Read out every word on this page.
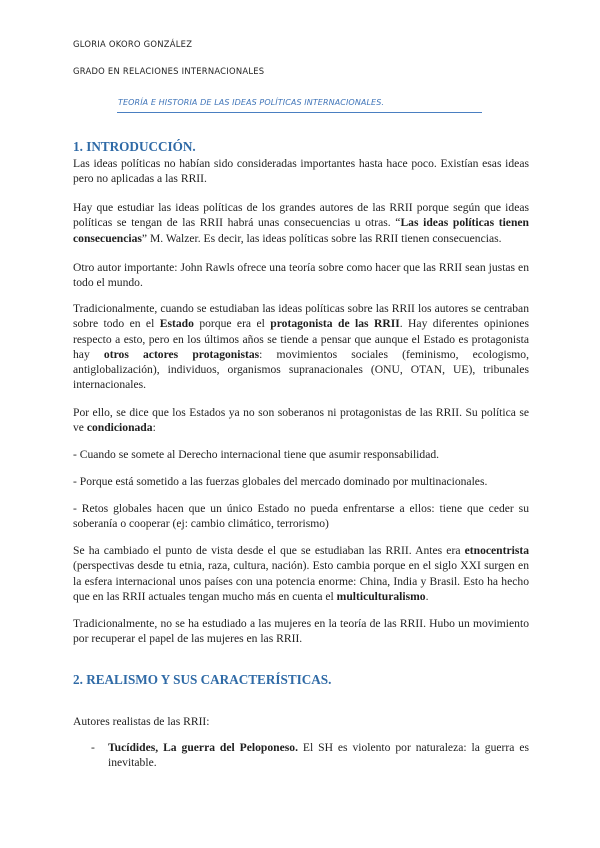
GLORIA OKORO GONZÁLEZ
GRADO EN RELACIONES INTERNACIONALES
TEORÍA E HISTORIA DE LAS IDEAS POLÍTICAS INTERNACIONALES.
1. INTRODUCCIÓN.

Las ideas políticas no habían sido consideradas importantes hasta hace poco. Existían esas ideas pero no aplicadas a las RRII.

Hay que estudiar las ideas políticas de los grandes autores de las RRII porque según que ideas políticas se tengan de las RRII habrá unas consecuencias u otras. “Las ideas políticas tienen consecuencias” M. Walzer. Es decir, las ideas políticas sobre las RRII tienen consecuencias.

Otro autor importante: John Rawls ofrece una teoría sobre como hacer que las RRII sean justas en todo el mundo.

Tradicionalmente, cuando se estudiaban las ideas políticas sobre las RRII los autores se centraban sobre todo en el Estado porque era el protagonista de las RRII. Hay diferentes opiniones respecto a esto, pero en los últimos años se tiende a pensar que aunque el Estado es protagonista hay otros actores protagonistas: movimientos sociales (feminismo, ecologismo, antiglobalización), individuos, organismos supranacionales (ONU, OTAN, UE), tribunales internacionales.

Por ello, se dice que los Estados ya no son soberanos ni protagonistas de las RRII. Su política se ve condicionada:

- Cuando se somete al Derecho internacional tiene que asumir responsabilidad.

- Porque está sometido a las fuerzas globales del mercado dominado por multinacionales.

- Retos globales hacen que un único Estado no pueda enfrentarse a ellos: tiene que ceder su soberanía o cooperar (ej: cambio climático, terrorismo)

Se ha cambiado el punto de vista desde el que se estudiaban las RRII. Antes era etnocentrista (perspectivas desde tu etnia, raza, cultura, nación). Esto cambia porque en el siglo XXI surgen en la esfera internacional unos países con una potencia enorme: China, India y Brasil. Esto ha hecho que en las RRII actuales tengan mucho más en cuenta el multiculturalismo.

Tradicionalmente, no se ha estudiado a las mujeres en la teoría de las RRII. Hubo un movimiento por recuperar el papel de las mujeres en las RRII.

2. REALISMO Y SUS CARACTERÍSTICAS.

Autores realistas de las RRII:

- Tucídides, La guerra del Peloponeso. El SH es violento por naturaleza: la guerra es inevitable.
